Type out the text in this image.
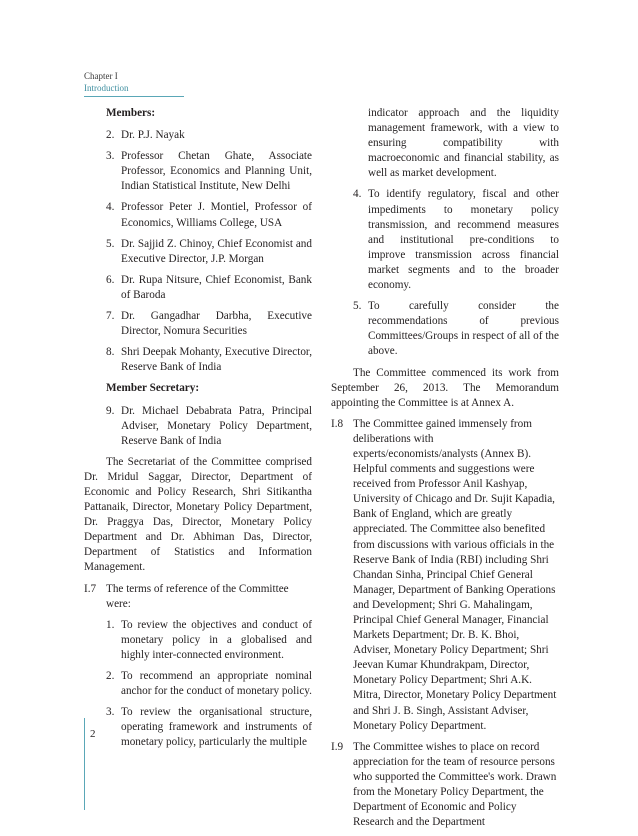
Chapter I
Introduction

Members:

2. Dr. P.J. Nayak
3. Professor Chetan Ghate, Associate Professor, Economics and Planning Unit, Indian Statistical Institute, New Delhi
4. Professor Peter J. Montiel, Professor of Economics, Williams College, USA
5. Dr. Sajjid Z. Chinoy, Chief Economist and Executive Director, J.P. Morgan
6. Dr. Rupa Nitsure, Chief Economist, Bank of Baroda
7. Dr. Gangadhar Darbha, Executive Director, Nomura Securities
8. Shri Deepak Mohanty, Executive Director, Reserve Bank of India

Member Secretary:

9. Dr. Michael Debabrata Patra, Principal Adviser, Monetary Policy Department, Reserve Bank of India

The Secretariat of the Committee comprised Dr. Mridul Saggar, Director, Department of Economic and Policy Research, Shri Sitikantha Pattanaik, Director, Monetary Policy Department, Dr. Praggya Das, Director, Monetary Policy Department and Dr. Abhiman Das, Director, Department of Statistics and Information Management.

I.7 The terms of reference of the Committee were:
1. To review the objectives and conduct of monetary policy in a globalised and highly inter-connected environment.
2. To recommend an appropriate nominal anchor for the conduct of monetary policy.
3. To review the organisational structure, operating framework and instruments of monetary policy, particularly the multiple
indicator approach and the liquidity management framework, with a view to ensuring compatibility with macroeconomic and financial stability, as well as market development.
4. To identify regulatory, fiscal and other impediments to monetary policy transmission, and recommend measures and institutional pre-conditions to improve transmission across financial market segments and to the broader economy.
5. To carefully consider the recommendations of previous Committees/Groups in respect of all of the above.

The Committee commenced its work from September 26, 2013. The Memorandum appointing the Committee is at Annex A.

I.8 The Committee gained immensely from deliberations with experts/economists/analysts (Annex B). Helpful comments and suggestions were received from Professor Anil Kashyap, University of Chicago and Dr. Sujit Kapadia, Bank of England, which are greatly appreciated. The Committee also benefited from discussions with various officials in the Reserve Bank of India (RBI) including Shri Chandan Sinha, Principal Chief General Manager, Department of Banking Operations and Development; Shri G. Mahalingam, Principal Chief General Manager, Financial Markets Department; Dr. B. K. Bhoi, Adviser, Monetary Policy Department; Shri Jeevan Kumar Khundrakpam, Director, Monetary Policy Department; Shri A.K. Mitra, Director, Monetary Policy Department and Shri J. B. Singh, Assistant Adviser, Monetary Policy Department.
I.9 The Committee wishes to place on record appreciation for the team of resource persons who supported the Committee's work. Drawn from the Monetary Policy Department, the Department of Economic and Policy Research and the Department
2
